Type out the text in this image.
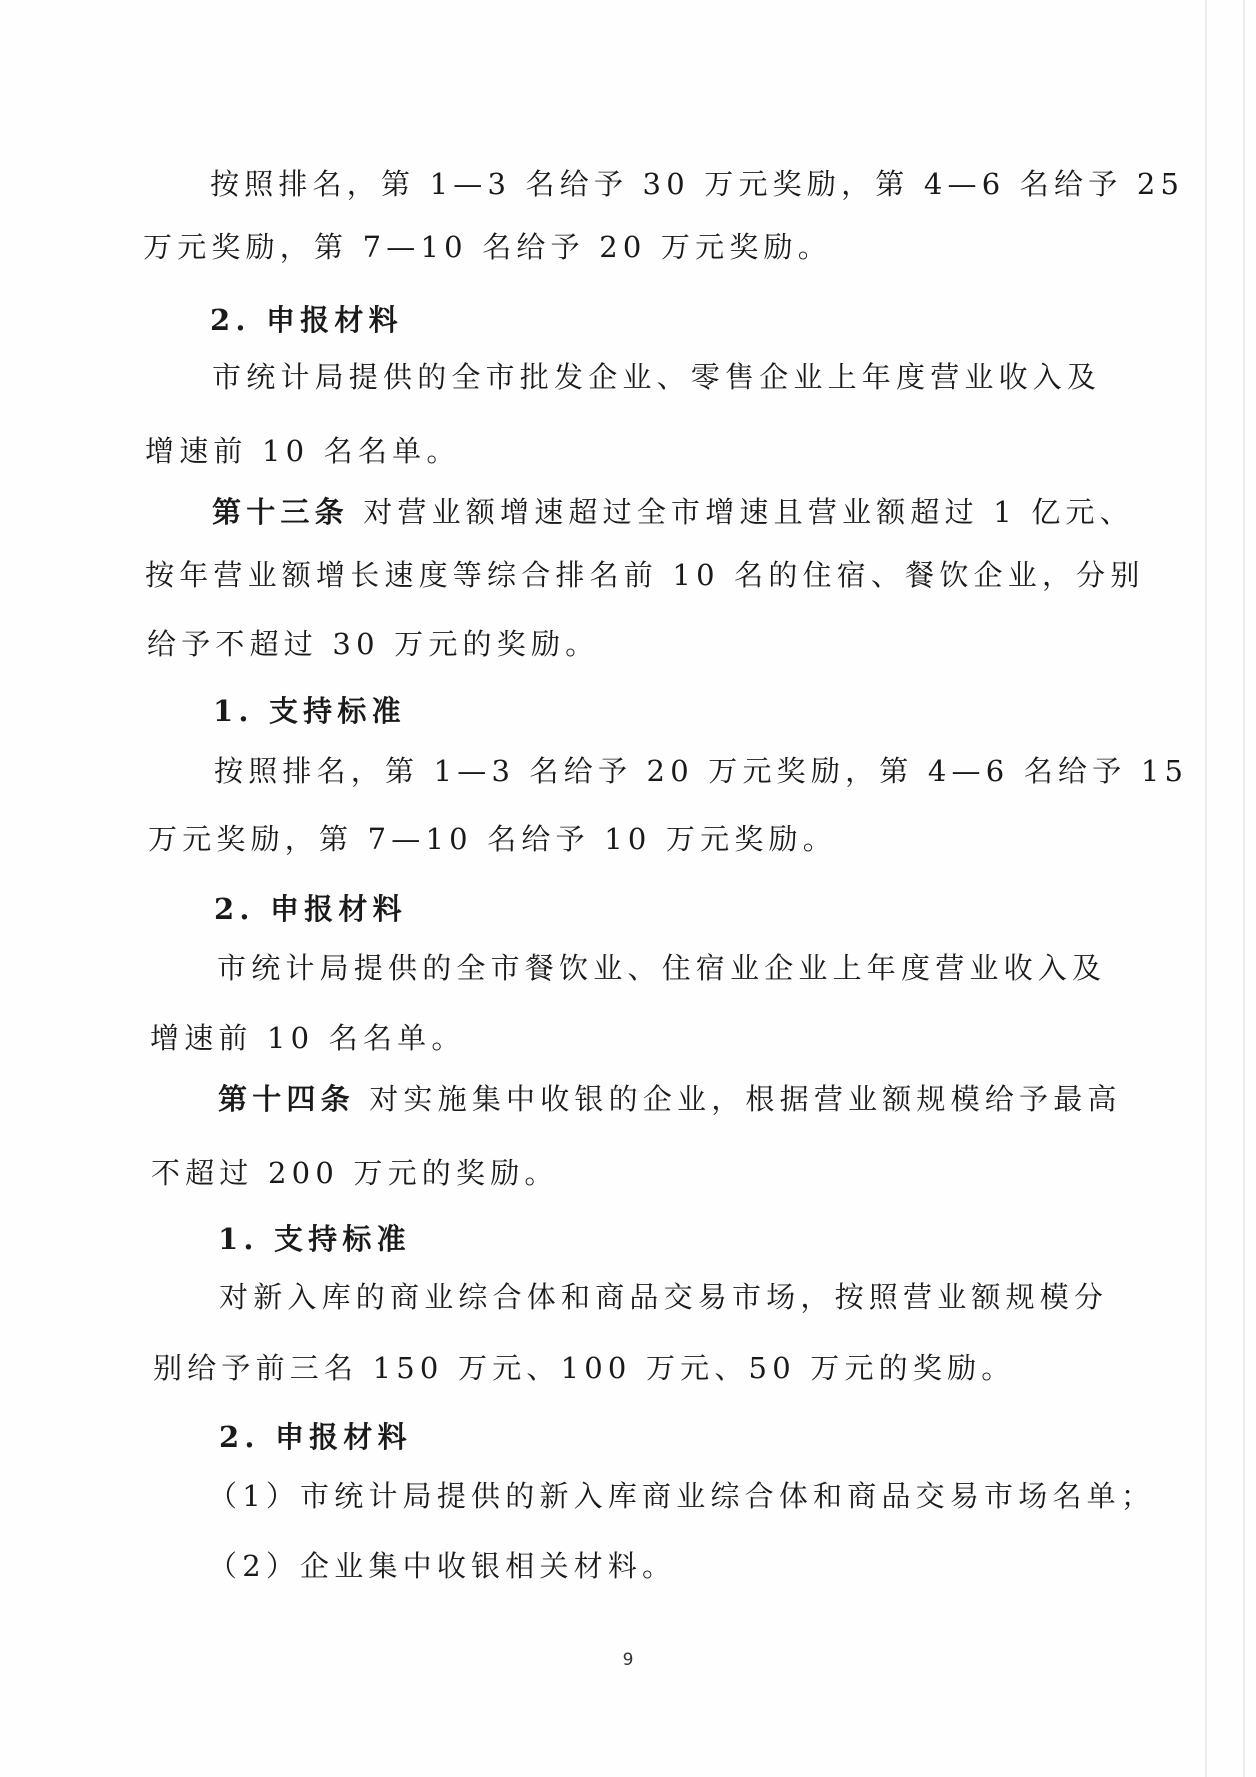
按照排名，第 1—3 名给予 30 万元奖励，第 4—6 名给予 25
万元奖励，第 7—10 名给予 20 万元奖励。
2. 申报材料
市统计局提供的全市批发企业、零售企业上年度营业收入及
增速前 10 名名单。
第十三条 对营业额增速超过全市增速且营业额超过 1 亿元、
按年营业额增长速度等综合排名前 10 名的住宿、餐饮企业，分别
给予不超过 30 万元的奖励。
1. 支持标准
按照排名，第 1—3 名给予 20 万元奖励，第 4—6 名给予 15
万元奖励，第 7—10 名给予 10 万元奖励。
2. 申报材料
市统计局提供的全市餐饮业、住宿业企业上年度营业收入及
增速前 10 名名单。
第十四条 对实施集中收银的企业，根据营业额规模给予最高
不超过 200 万元的奖励。
1. 支持标准
对新入库的商业综合体和商品交易市场，按照营业额规模分
别给予前三名 150 万元、100 万元、50 万元的奖励。
2. 申报材料
（1）市统计局提供的新入库商业综合体和商品交易市场名单；
（2）企业集中收银相关材料。
9
